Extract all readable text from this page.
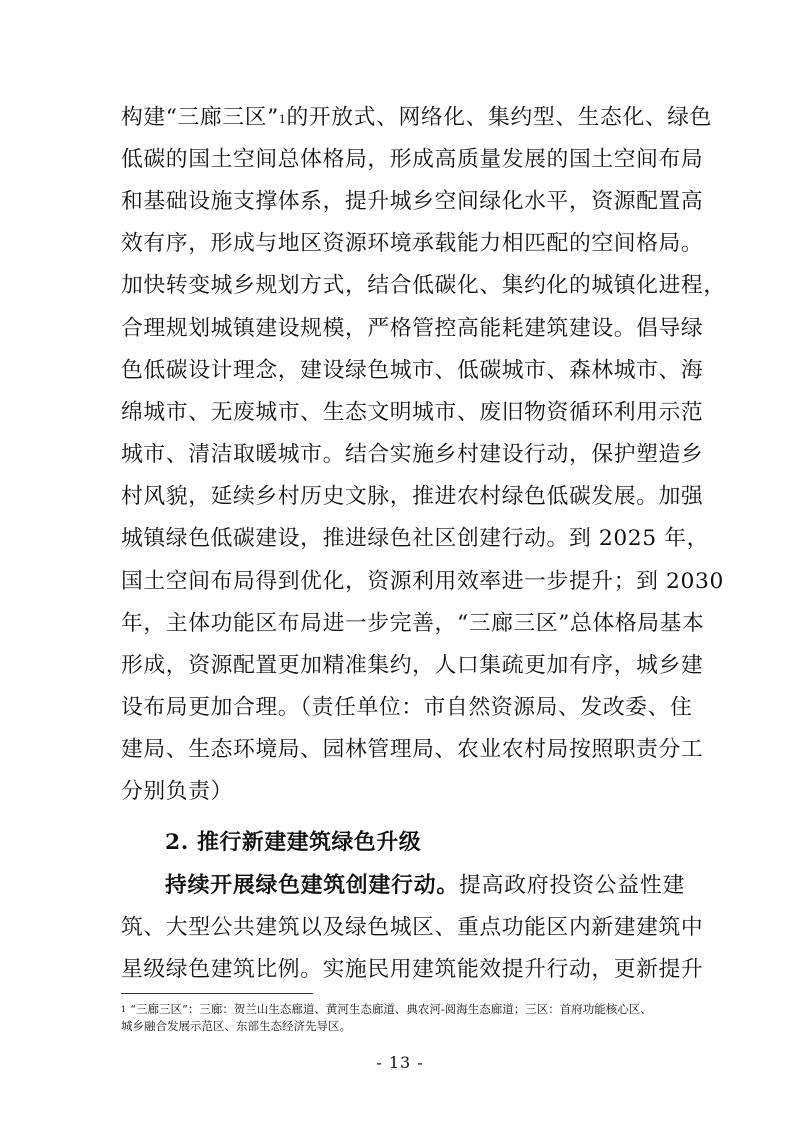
构建“三廊三区”$^1$的开放式、网络化、集约型、生态化、绿色
低碳的国土空间总体格局，形成高质量发展的国土空间布局
和基础设施支撑体系，提升城乡空间绿化水平，资源配置高
效有序，形成与地区资源环境承载能力相匹配的空间格局。
加快转变城乡规划方式，结合低碳化、集约化的城镇化进程，
合理规划城镇建设规模，严格管控高能耗建筑建设。倡导绿
色低碳设计理念，建设绿色城市、低碳城市、森林城市、海
绵城市、无废城市、生态文明城市、废旧物资循环利用示范
城市、清洁取暖城市。结合实施乡村建设行动，保护塑造乡
村风貌，延续乡村历史文脉，推进农村绿色低碳发展。加强
城镇绿色低碳建设，推进绿色社区创建行动。到 2025 年，
国土空间布局得到优化，资源利用效率进一步提升；到 2030
年，主体功能区布局进一步完善，“三廊三区”总体格局基本
形成，资源配置更加精准集约，人口集疏更加有序，城乡建
设布局更加合理。（责任单位：市自然资源局、发改委、住
建局、生态环境局、园林管理局、农业农村局按照职责分工
分别负责）
2. 推行新建建筑绿色升级
持续开展绿色建筑创建行动。提高政府投资公益性建
筑、大型公共建筑以及绿色城区、重点功能区内新建建筑中
星级绿色建筑比例。实施民用建筑能效提升行动，更新提升
$^1$ “三廊三区”：三廊：贺兰山生态廊道、黄河生态廊道、典农河-阅海生态廊道；三区：首府功能核心区、
城乡融合发展示范区、东部生态经济先导区。
- 13 -
